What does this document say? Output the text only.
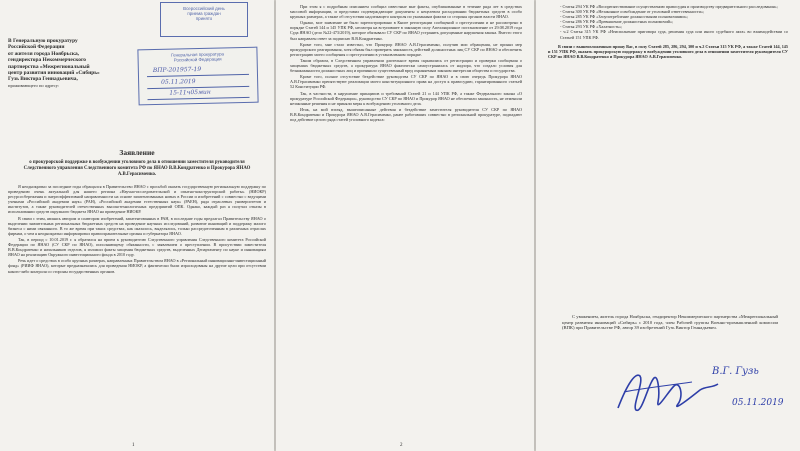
Всероссийский день
приема граждан
принято
В Генеральную прокуратуру
Российской Федерации
от жителя города Ноябрьска,
гендиректора Некоммерческого
партнерства «Межрегиональный
центр развития инноваций «Сибирь»
Гузь Виктора Геннадьевича,
проживающего по адресу:
Генеральная прокуратура
Российской Федерации
ВПР-201957-19
05.11.2019
15-11ч05мин
Заявление
о прокурорской поддержке в возбуждении уголовного дела в отношении заместителя руководителя Следственного управления Следственного комитета РФ по ЯНАО В.В.Кондратенко и Прокурора ЯНАО А.В.Герасименко.

Я неоднократно за последние годы обращался в Правительство ЯНАО с просьбой оказать государственную региональную поддержку по проведению очень актуальной для нашего региона «Научно-исследовательской и опытно-конструкторской работы» (НИОКР) ресурсосбережения и энергоэффективной направленности на основе запатентованных новых в России и изобретений с совместно с ведущими учеными «Российской академии наук» (РАН), «Российской академии естественных наук» (РАЕН), ряда отраслевых университетов и институтов, а также руководителей отечественных высокотехнологичных предприятий ОПК. Однако, каждый раз я получал отказы в использовании средств окружного бюджета ЯНАО на проведение НИОКР.

В связи с этим, являясь автором и соавтором изобретений, запатентованных в РАН, в последние годы предлагал Правительству ЯНАО о выделении значительных региональных бюджетных средств на проведение научных исследований, развитие инноваций и поддержку малого бизнеса с ними связанного. В то же время при таких средствах, как оказалось, выделялись, только рассредоточенным в различных отраслях фирмам, о чем я неоднократно информировал правоохранительные органы и губернатора ЯНАО.

Так, в период с 10.01.2019 г. я обратился на прием к руководителю Следственного управления Следственного комитета Российской Федерации по ЯНАО (СУ СКР по ЯНАО), исполняющему обязанности, с заявлением о преступлении. В присутствии заместителя В.В.Кондратенко и начальников отделов, я изложил факты хищения бюджетных средств, выделенных Департаменту по науке и инновациям ЯНАО на реализацию Окружного инвестиционного фонда в 2010 году.

Речь идет о средствах в особо крупных размерах, направленных Правительством ЯНАО в «Региональный инновационно-инвестиционный фонд» (РИИФ ЯНАО), которые предназначались для проведения НИОКР, а фактически были израсходованы на другие цели при отсутствии какого-либо контроля со стороны государственных органов.

1

При этом я с подробным описанием сообщил известные мне факты, опубликованные в течение ряда лет в средствах массовой информации, и представил подтверждающие документы о нецелевом расходовании бюджетных средств в особо крупных размерах, а также об отсутствии надлежащего контроля по указанным фактам со стороны органов власти ЯНАО.

Однако, мое заявление не было зарегистрировано в Книге регистрации сообщений о преступлении и не рассмотрено в порядке Статей 144 и 145 УПК РФ, несмотря на вступившее в законную силу Апелляционное постановление от 29.08.2019 года Суда ЯНАО (дело №22-473/2019), которое обязывало СУ СКР по ЯНАО устранить допущенные нарушения закона. Вместо этого был направлен ответ за подписью В.В.Кондратенко.

Кроме того, мне стало известно, что Прокурор ЯНАО А.В.Герасименко, получив мои обращения, не принял мер прокурорского реагирования, хотя обязан был проверить законность действий должностных лиц СУ СКР по ЯНАО и обеспечить регистрацию моего сообщения о преступлении в установленном порядке.

Таким образом, в Следственном управлении длительное время скрывались от регистрации и проверки сообщения о хищениях бюджетных средств, а прокуратура ЯНАО фактически самоустранилась от надзора, что создало условия для безнаказанности должностных лиц и причинило существенный вред охраняемым законом интересам общества и государства.

Кроме того, полное отсутствие бездействие руководства СУ СКР по ЯНАО и в свою очередь Прокурора ЯНАО А.В.Герасименко препятствуют реализации моего конституционного права на доступ к правосудию, гарантированного статьей 52 Конституции РФ.

Так, в частности, в нарушение принципов и требований Статей 21 и 144 УПК РФ, а также Федерального закона «О прокуратуре Российской Федерации», руководство СУ СКР по ЯНАО и Прокурор ЯНАО не обеспечили законность, не отменили незаконные решения и не приняли меры к возбуждению уголовного дела.

Итак, на мой взгляд, вышеописанные действия и бездействие заместителя руководителя СУ СКР по ЯНАО В.В.Кондратенко и Прокурора ЯНАО А.В.Герасименко, ранее работавших совместно в региональной прокуратуре, подпадают под действие целого ряда статей уголовного кодекса:

2
- Статья 294 УК РФ «Воспрепятствование осуществлению правосудия и производству предварительного расследования»;
- Статья 300 УК РФ «Незаконное освобождение от уголовной ответственности»;
- Статья 285 УК РФ «Злоупотребление должностными полномочиями»;
- Статья 286 УК РФ «Превышение должностных полномочий»;
- Статья 293 УК РФ «Халатность»;
- ч.2 Статья 315 УК РФ «Неисполнение приговора суда, решения суда или иного судебного акта» во взаимодействии со Статьей 151 УПК РФ.

В связи с вышеизложенным прошу Вас, в силу Статей 285, 286, 294, 300 и ч.2 Статьи 315 УК РФ, а также Статей 144, 145 и 151 УПК РФ, оказать прокурорскую поддержку в возбуждении уголовного дела в отношении заместителя руководителя СУ СКР по ЯНАО В.В.Кондратенко и Прокурора ЯНАО А.В.Герасименко.

С уважением, житель города Ноябрьска, гендиректор Некоммерческого партнерства «Межрегиональный центр развития инноваций «Сибирь» с 2010 года, член Рабочей группы Военно-промышленной комиссии (ВПК) при Правительстве РФ, автор 39 изобретений Гузь Виктор Геннадьевич.
В.Г. Гузь
05.11.2019
